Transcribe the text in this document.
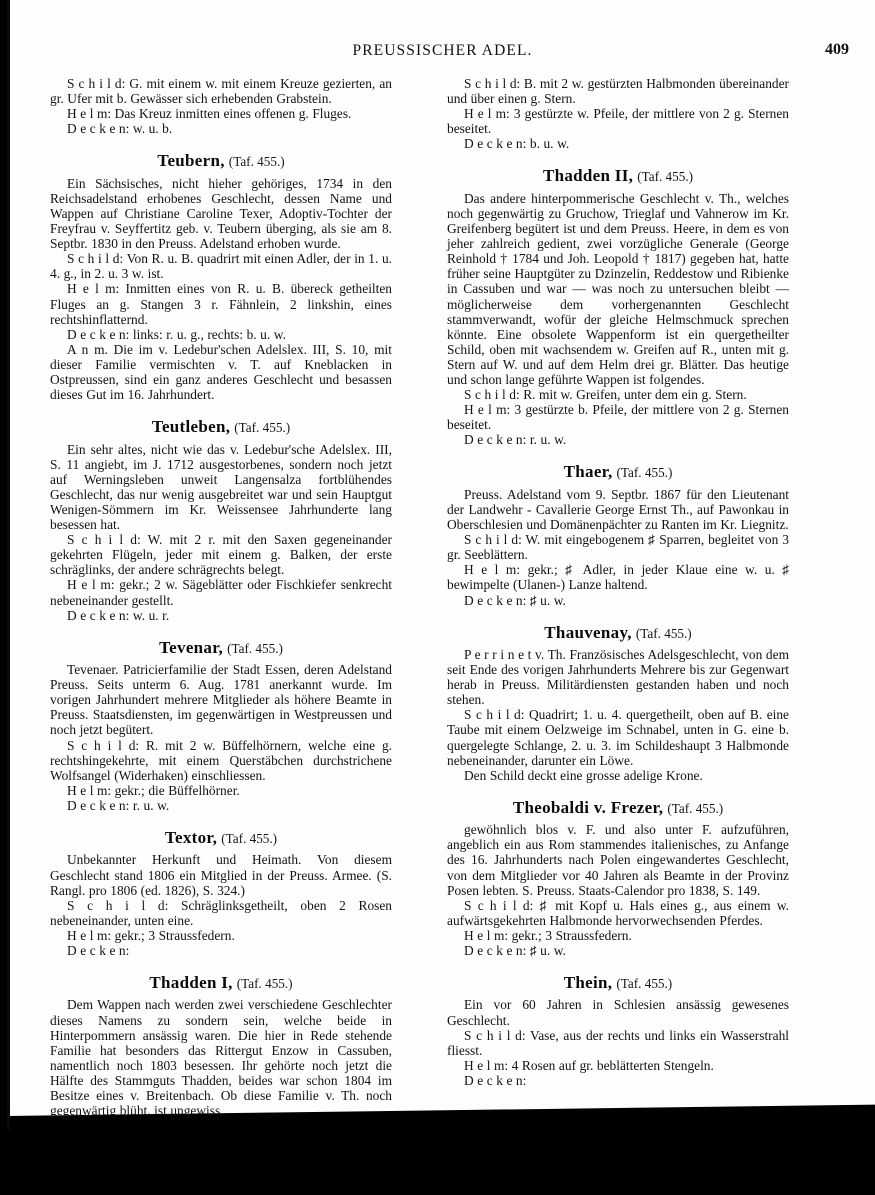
PREUSSISCHER ADEL.	409

S c h i l d: G. mit einem w. mit einem Kreuze gezierten, an gr. Ufer mit b. Gewässer sich erhebenden Grabstein.

H e l m: Das Kreuz inmitten eines offenen g. Fluges.

D e c k e n: w. u. b.

Teubern, (Taf. 455.)

Ein Sächsisches, nicht hieher gehöriges, 1734 in den Reichsadelstand erhobenes Geschlecht, dessen Name und Wappen auf Christiane Caroline Texer, Adoptiv-Tochter der Freyfrau v. Seyffertitz geb. v. Teubern überging, als sie am 8. Septbr. 1830 in den Preuss. Adelstand erhoben wurde.

S c h i l d: Von R. u. B. quadrirt mit einen Adler, der in 1. u. 4. g., in 2. u. 3 w. ist.

H e l m: Inmitten eines von R. u. B. übereck getheilten Fluges an g. Stangen 3 r. Fähnlein, 2 linkshin, eines rechtshinflatternd.

D e c k e n: links: r. u. g., rechts: b. u. w.

A n m. Die im v. Ledebur'schen Adelslex. III, S. 10, mit dieser Familie vermischten v. T. auf Kneblacken in Ostpreussen, sind ein ganz anderes Geschlecht und besassen dieses Gut im 16. Jahrhundert.

Teutleben, (Taf. 455.)

Ein sehr altes, nicht wie das v. Ledebur'sche Adelslex. III, S. 11 angiebt, im J. 1712 ausgestorbenes, sondern noch jetzt auf Werningsleben unweit Langensalza fortblühendes Geschlecht, das nur wenig ausgebreitet war und sein Hauptgut Wenigen-Sömmern im Kr. Weissensee Jahrhunderte lang besessen hat.

S c h i l d: W. mit 2 r. mit den Saxen gegeneinander gekehrten Flügeln, jeder mit einem g. Balken, der erste schräglinks, der andere schrägrechts belegt.

H e l m: gekr.; 2 w. Sägeblätter oder Fischkiefer senkrecht nebeneinander gestellt.

D e c k e n: w. u. r.

Tevenar, (Taf. 455.)

Tevenaer. Patricierfamilie der Stadt Essen, deren Adelstand Preuss. Seits unterm 6. Aug. 1781 anerkannt wurde. Im vorigen Jahrhundert mehrere Mitglieder als höhere Beamte in Preuss. Staatsdiensten, im gegenwärtigen in Westpreussen und noch jetzt begütert.

S c h i l d: R. mit 2 w. Büffelhörnern, welche eine g. rechtshingekehrte, mit einem Querstäbchen durchstrichene Wolfsangel (Widerhaken) einschliessen.

H e l m: gekr.; die Büffelhörner.

D e c k e n: r. u. w.

Textor, (Taf. 455.)

Unbekannter Herkunft und Heimath. Von diesem Geschlecht stand 1806 ein Mitglied in der Preuss. Armee. (S. Rangl. pro 1806 (ed. 1826), S. 324.)

S c h i l d: Schräglinksgetheilt, oben 2 Rosen nebeneinander, unten eine.

H e l m: gekr.; 3 Straussfedern.

D e c k e n:

Thadden I, (Taf. 455.)

Dem Wappen nach werden zwei verschiedene Geschlechter dieses Namens zu sondern sein, welche beide in Hinterpommern ansässig waren. Die hier in Rede stehende Familie hat besonders das Rittergut Enzow in Cassuben, namentlich noch 1803 besessen. Ihr gehörte noch jetzt die Hälfte des Stammguts Thadden, beides war schon 1804 im Besitze eines v. Breitenbach. Ob diese Familie v. Th. noch gegenwärtig blüht, ist ungewiss.

S c h i l d: B. mit 2 w. gestürzten Halbmonden übereinander und über einen g. Stern.

H e l m: 3 gestürzte w. Pfeile, der mittlere von 2 g. Sternen beseitet.

D e c k e n: b. u. w.

Thadden II, (Taf. 455.)

Das andere hinterpommerische Geschlecht v. Th., welches noch gegenwärtig zu Gruchow, Trieglaf und Vahnerow im Kr. Greifenberg begütert ist und dem Preuss. Heere, in dem es von jeher zahlreich gedient, zwei vorzügliche Generale (George Reinhold † 1784 und Joh. Leopold † 1817) gegeben hat, hatte früher seine Hauptgüter zu Dzinzelin, Reddestow und Ribienke in Cassuben und war — was noch zu untersuchen bleibt — möglicherweise dem vorhergenannten Geschlecht stammverwandt, wofür der gleiche Helmschmuck sprechen könnte. Eine obsolete Wappenform ist ein quergetheilter Schild, oben mit wachsendem w. Greifen auf R., unten mit g. Stern auf W. und auf dem Helm drei gr. Blätter. Das heutige und schon lange geführte Wappen ist folgendes.

S c h i l d: R. mit w. Greifen, unter dem ein g. Stern.

H e l m: 3 gestürzte b. Pfeile, der mittlere von 2 g. Sternen beseitet.

D e c k e n: r. u. w.

Thaer, (Taf. 455.)

Preuss. Adelstand vom 9. Septbr. 1867 für den Lieutenant der Landwehr - Cavallerie George Ernst Th., auf Pawonkau in Oberschlesien und Domänenpächter zu Ranten im Kr. Liegnitz.

S c h i l d: W. mit eingebogenem ♯ Sparren, begleitet von 3 gr. Seeblättern.

H e l m: gekr.; ♯ Adler, in jeder Klaue eine w. u. ♯ bewimpelte (Ulanen-) Lanze haltend.

D e c k e n: ♯ u. w.

Thauvenay, (Taf. 455.)

P e r r i n e t v. Th. Französisches Adelsgeschlecht, von dem seit Ende des vorigen Jahrhunderts Mehrere bis zur Gegenwart herab in Preuss. Militärdiensten gestanden haben und noch stehen.

S c h i l d: Quadrirt; 1. u. 4. quergetheilt, oben auf B. eine Taube mit einem Oelzweige im Schnabel, unten in G. eine b. quergelegte Schlange, 2. u. 3. im Schildeshaupt 3 Halbmonde nebeneinander, darunter ein Löwe.

Den Schild deckt eine grosse adelige Krone.

Theobaldi v. Frezer, (Taf. 455.)

gewöhnlich blos v. F. und also unter F. aufzuführen, angeblich ein aus Rom stammendes italienisches, zu Anfange des 16. Jahrhunderts nach Polen eingewandertes Geschlecht, von dem Mitglieder vor 40 Jahren als Beamte in der Provinz Posen lebten. S. Preuss. Staats-Calendor pro 1838, S. 149.

S c h i l d: ♯ mit Kopf u. Hals eines g., aus einem w. aufwärtsgekehrten Halbmonde hervorwechsenden Pferdes.

H e l m: gekr.; 3 Straussfedern.

D e c k e n: ♯ u. w.

Thein, (Taf. 455.)

Ein vor 60 Jahren in Schlesien ansässig gewesenes Geschlecht.

S c h i l d: Vase, aus der rechts und links ein Wasserstrahl fliesst.

H e l m: 4 Rosen auf gr. beblätterten Stengeln.

D e c k e n:
